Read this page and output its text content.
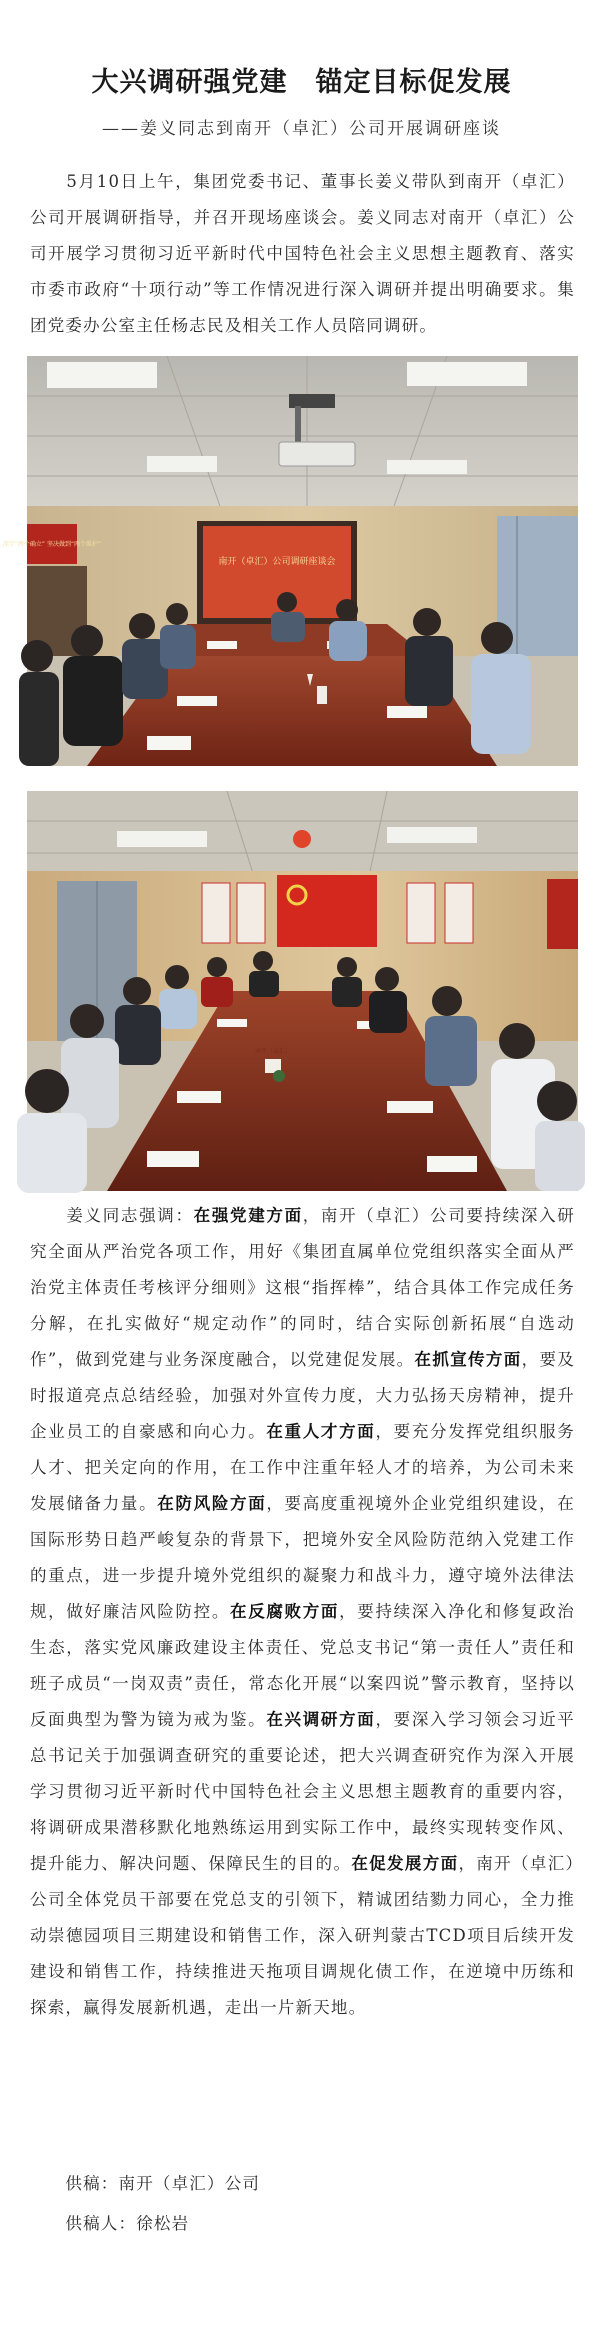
大兴调研强党建　锚定目标促发展
——姜义同志到南开（卓汇）公司开展调研座谈

　　5月10日上午，集团党委书记、董事长姜义带队到南开（卓汇）公司开展调研指导，并召开现场座谈会。姜义同志对南开（卓汇）公司开展学习贯彻习近平新时代中国特色社会主义思想主题教育、落实市委市政府“十项行动”等工作情况进行深入调研并提出明确要求。集团党委办公室主任杨志民及相关工作人员陪同调研。

南开（卓汇）公司调研座谈会
深学“两个确立” 坚决做到“两个维护”
南开（卓汇）

　　姜义同志强调：在强党建方面，南开（卓汇）公司要持续深入研究全面从严治党各项工作，用好《集团直属单位党组织落实全面从严治党主体责任考核评分细则》这根“指挥棒”，结合具体工作完成任务分解，在扎实做好“规定动作”的同时，结合实际创新拓展“自选动作”，做到党建与业务深度融合，以党建促发展。在抓宣传方面，要及时报道亮点总结经验，加强对外宣传力度，大力弘扬天房精神，提升企业员工的自豪感和向心力。在重人才方面，要充分发挥党组织服务人才、把关定向的作用，在工作中注重年轻人才的培养，为公司未来发展储备力量。在防风险方面，要高度重视境外企业党组织建设，在国际形势日趋严峻复杂的背景下，把境外安全风险防范纳入党建工作的重点，进一步提升境外党组织的凝聚力和战斗力，遵守境外法律法规，做好廉洁风险防控。在反腐败方面，要持续深入净化和修复政治生态，落实党风廉政建设主体责任、党总支书记“第一责任人”责任和班子成员“一岗双责”责任，常态化开展“以案四说”警示教育，坚持以反面典型为警为镜为戒为鉴。在兴调研方面，要深入学习领会习近平总书记关于加强调查研究的重要论述，把大兴调查研究作为深入开展学习贯彻习近平新时代中国特色社会主义思想主题教育的重要内容，将调研成果潜移默化地熟练运用到实际工作中，最终实现转变作风、提升能力、解决问题、保障民生的目的。在促发展方面，南开（卓汇）公司全体党员干部要在党总支的引领下，精诚团结勠力同心，全力推动崇德园项目三期建设和销售工作，深入研判蒙古TCD项目后续开发建设和销售工作，持续推进天拖项目调规化债工作，在逆境中历练和探索，赢得发展新机遇，走出一片新天地。

　　供稿：南开（卓汇）公司

　　供稿人：徐松岩
